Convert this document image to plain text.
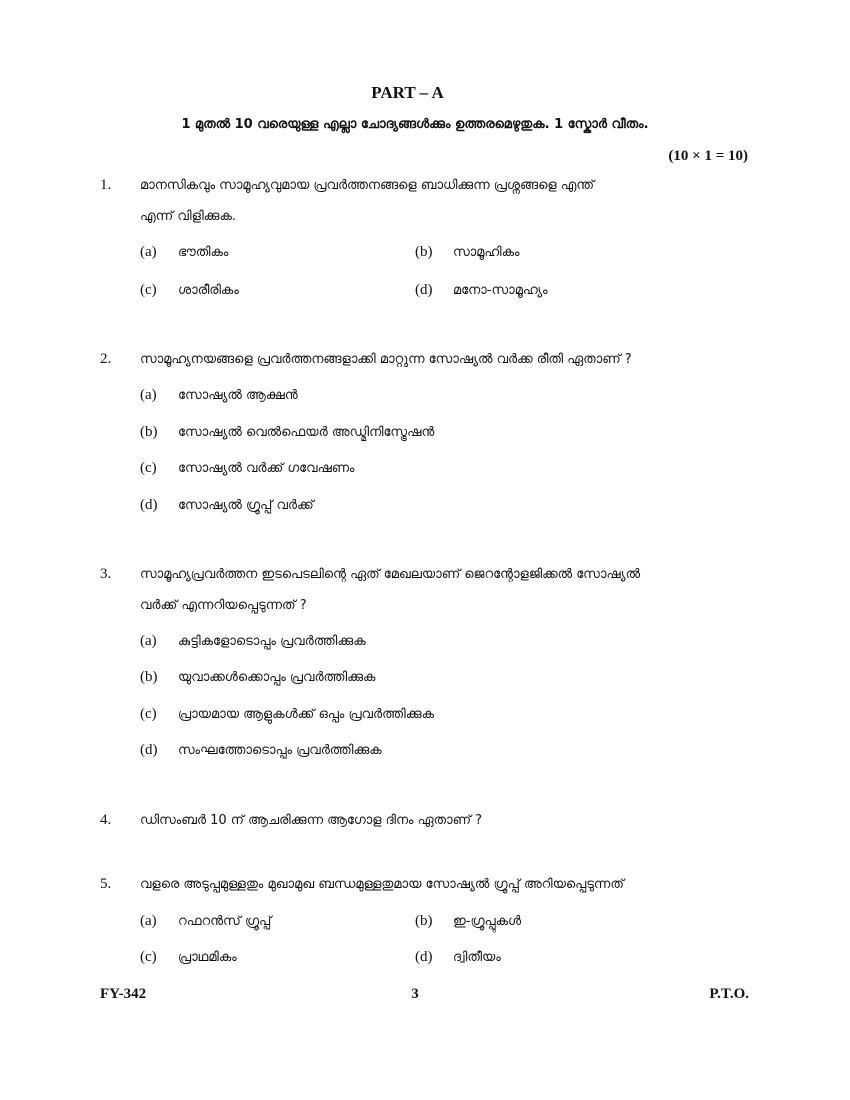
PART – A
1 മുതൽ 10 വരെയുള്ള എല്ലാ ചോദ്യങ്ങൾക്കും ഉത്തരമെഴുതുക. 1 സ്കോർ വീതം.
(10 × 1 = 10)
1. മാനസികവും സാമൂഹ്യവുമായ പ്രവർത്തനങ്ങളെ ബാധിക്കുന്ന പ്രശ്നങ്ങളെ എന്ത്
എന്ന് വിളിക്കുക.
(a) ഭൗതികം	(b) സാമൂഹികം
(c) ശാരീരികം	(d) മനോ-സാമൂഹ്യം
2. സാമൂഹ്യനയങ്ങളെ പ്രവർത്തനങ്ങളാക്കി മാറ്റുന്ന സോഷ്യൽ വർക്ക രീതി ഏതാണ് ?
(a) സോഷ്യൽ ആക്ഷൻ
(b) സോഷ്യൽ വെൽഫെയർ അഡ്മിനിസ്ട്രേഷൻ
(c) സോഷ്യൽ വർക്ക് ഗവേഷണം
(d) സോഷ്യൽ ഗ്രൂപ്പ് വർക്ക്
3. സാമൂഹ്യപ്രവർത്തന ഇടപെടലിന്റെ ഏത് മേഖലയാണ് ജെറന്റോളജിക്കൽ സോഷ്യൽ
വർക്ക് എന്നറിയപ്പെടുന്നത് ?
(a) കുട്ടികളോടൊപ്പം പ്രവർത്തിക്കുക
(b) യുവാക്കൾക്കൊപ്പം പ്രവർത്തിക്കുക
(c) പ്രായമായ ആളുകൾക്ക് ഒപ്പം പ്രവർത്തിക്കുക
(d) സംഘത്തോടൊപ്പം പ്രവർത്തിക്കുക
4. ഡിസംബർ 10 ന് ആചരിക്കുന്ന ആഗോള ദിനം ഏതാണ് ?
5. വളരെ അടുപ്പമുള്ളതും മുഖാമുഖ ബന്ധമുള്ളതുമായ സോഷ്യൽ ഗ്രൂപ്പ് അറിയപ്പെടുന്നത്
(a) റഫറൻസ് ഗ്രൂപ്പ്	(b) ഇ-ഗ്രൂപ്പുകൾ
(c) പ്രാഥമികം	(d) ദ്വിതീയം
FY-342	3	P.T.O.
